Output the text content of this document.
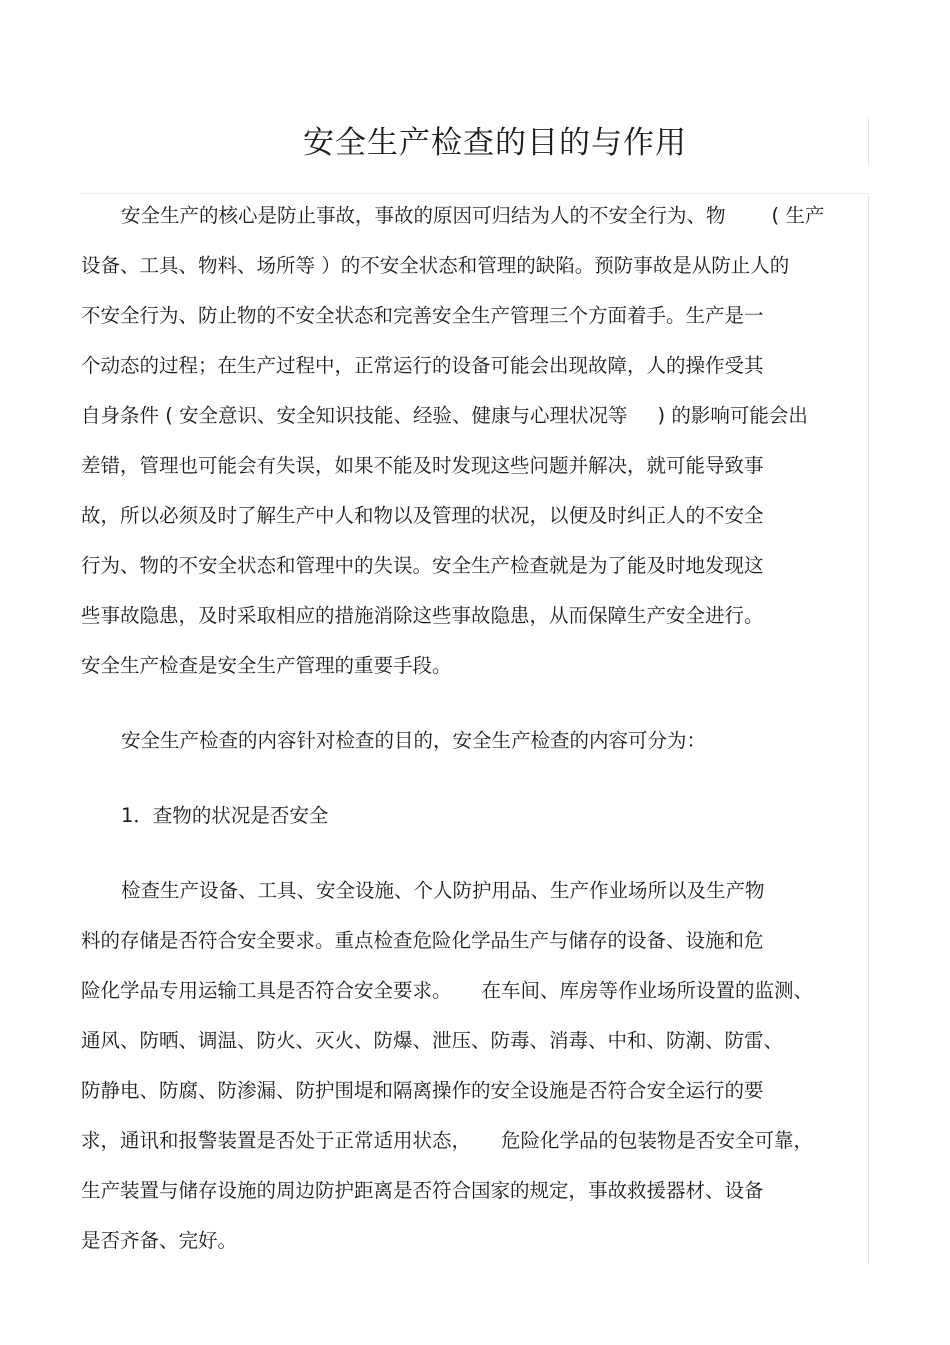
安全生产检查的目的与作用

安全生产的核心是防止事故，事故的原因可归结为人的不安全行为、物 ( 生产

设备、工具、物料、场所等 ）的不安全状态和管理的缺陷。预防事故是从防止人的

不安全行为、防止物的不安全状态和完善安全生产管理三个方面着手。生产是一

个动态的过程；在生产过程中，正常运行的设备可能会出现故障，人的操作受其

自身条件 ( 安全意识、安全知识技能、经验、健康与心理状况等 ) 的影响可能会出

差错，管理也可能会有失误，如果不能及时发现这些问题并解决，就可能导致事

故，所以必须及时了解生产中人和物以及管理的状况，以便及时纠正人的不安全

行为、物的不安全状态和管理中的失误。安全生产检查就是为了能及时地发现这

些事故隐患，及时采取相应的措施消除这些事故隐患，从而保障生产安全进行。

安全生产检查是安全生产管理的重要手段。

安全生产检查的内容针对检查的目的，安全生产检查的内容可分为：

1．查物的状况是否安全

检查生产设备、工具、安全设施、个人防护用品、生产作业场所以及生产物

料的存储是否符合安全要求。重点检查危险化学品生产与储存的设备、设施和危

险化学品专用运输工具是否符合安全要求。 在车间、库房等作业场所设置的监测、

通风、防晒、调温、防火、灭火、防爆、泄压、防毒、消毒、中和、防潮、防雷、

防静电、防腐、防渗漏、防护围堤和隔离操作的安全设施是否符合安全运行的要

求，通讯和报警装置是否处于正常适用状态， 危险化学品的包装物是否安全可靠，

生产装置与储存设施的周边防护距离是否符合国家的规定，事故救援器材、设备

是否齐备、完好。
